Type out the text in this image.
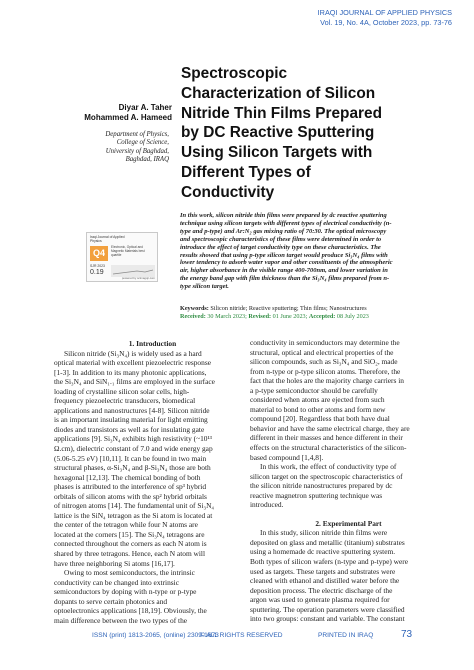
IRAQI JOURNAL OF APPLIED PHYSICS
Vol. 19, No. 4A, October 2023, pp. 73-76
Spectroscopic
Characterization of Silicon
Nitride Thin Films Prepared
by DC Reactive Sputtering
Using Silicon Targets with
Different Types of
Conductivity
Diyar A. Taher
Mohammed A. Hameed
Department of Physics,
College of Science,
University of Baghdad,
Baghdad, IRAQ
Iraqi Journal of Applied Physics
Q4
Electronic, Optical and Magnetic Materials best quartile
SJR 2023
0.19
powered by scimagojr.com
In this work, silicon nitride thin films were prepared by dc reactive sputtering
technique using silicon targets with different types of electrical conductivity (n-
type and p-type) and Ar:N₂ gas mixing ratio of 70:30. The optical microscopy
and spectroscopic characteristics of these films were determined in order to
introduce the effect of target conductivity type on these characteristics. The
results showed that using p-type silicon target would produce Si₃N₄ films with
lower tendency to adsorb water vapor and other constituents of the atmospheric
air, higher absorbance in the visible range 400-700nm, and lower variation in
the energy band gap with film thickness than the Si₃N₄ films prepared from n-
type silicon target.
Keywords: Silicon nitride; Reactive sputtering; Thin films; Nanostructures
Received: 30 March 2023; Revised: 01 June 2023; Accepted: 08 July 2023
1. Introduction
Silicon nitride (Si₃N₄) is widely used as a hard
optical material with excellent piezoelectric response
[1-3]. In addition to its many photonic applications,
the Si₃N₄ and SiN₁.₁ films are employed in the surface
loading of crystalline silicon solar cells, high-
frequency piezoelectric transducers, biomedical
applications and nanostructures [4-8]. Silicon nitride
is an important insulating material for light emitting
diodes and transistors as well as for insulating gate
applications [9]. Si₃N₄ exhibits high resistivity (~10¹³
Ω.cm), dielectric constant of 7.0 and wide energy gap
(5.06-5.25 eV) [10,11]. It can be found in two main
structural phases, α-Si₃N₄ and β-Si₃N₄ those are both
hexagonal [12,13]. The chemical bonding of both
phases is attributed to the interference of sp³ hybrid
orbitals of silicon atoms with the sp² hybrid orbitals
of nitrogen atoms [14]. The fundamental unit of Si₃N₄
lattice is the SiN₄ tetragon as the Si atom is located at
the center of the tetragon while four N atoms are
located at the corners [15]. The Si₃N₄ tetragons are
connected throughout the corners as each N atom is
shared by three tetragons. Hence, each N atom will
have three neighboring Si atoms [16,17].
Owing to most semiconductors, the intrinsic
conductivity can be changed into extrinsic
semiconductors by doping with n-type or p-type
dopants to serve certain photonics and
optoelectronics applications [18,19]. Obviously, the
main difference between the two types of the
conductivity in semiconductors may determine the
structural, optical and electrical properties of the
silicon compounds, such as Si₃N₄ and SiO₂, made
from n-type or p-type silicon atoms. Therefore, the
fact that the holes are the majority charge carriers in
a p-type semiconductor should be carefully
considered when atoms are ejected from such
material to bond to other atoms and form new
compound [20]. Regardless that both have dual
behavior and have the same electrical charge, they are
different in their masses and hence different in their
effects on the structural characteristics of the silicon-
based compound [1,4,8].
In this work, the effect of conductivity type of
silicon target on the spectroscopic characteristics of
the silicon nitride nanostructures prepared by dc
reactive magnetron sputtering technique was
introduced.
2. Experimental Part
In this study, silicon nitride thin films were
deposited on glass and metallic (titanium) substrates
using a homemade dc reactive sputtering system.
Both types of silicon wafers (n-type and p-type) were
used as targets. These targets and substrates were
cleaned with ethanol and distilled water before the
deposition process. The electric discharge of the
argon was used to generate plasma required for
sputtering. The operation parameters were classified
into two groups: constant and variable. The constant
ISSN (print) 1813-2065, (online) 2309-1673
© ALL RIGHTS RESERVED	PRINTED IN IRAQ	73
